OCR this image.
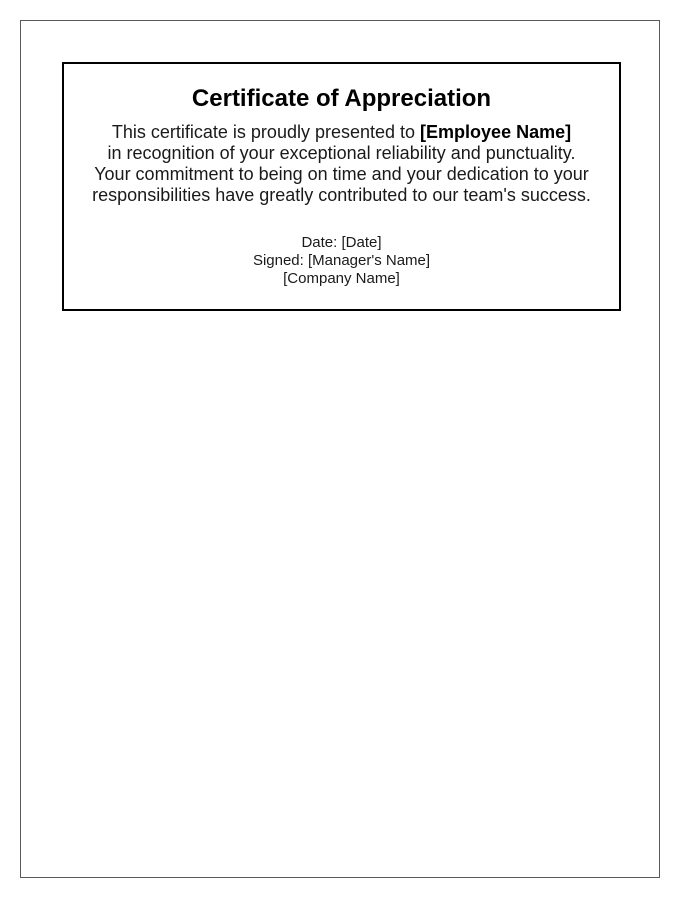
Certificate of Appreciation

This certificate is proudly presented to [Employee Name]
in recognition of your exceptional reliability and punctuality.
Your commitment to being on time and your dedication to your
responsibilities have greatly contributed to our team's success.

Date: [Date]
Signed: [Manager's Name]
[Company Name]
